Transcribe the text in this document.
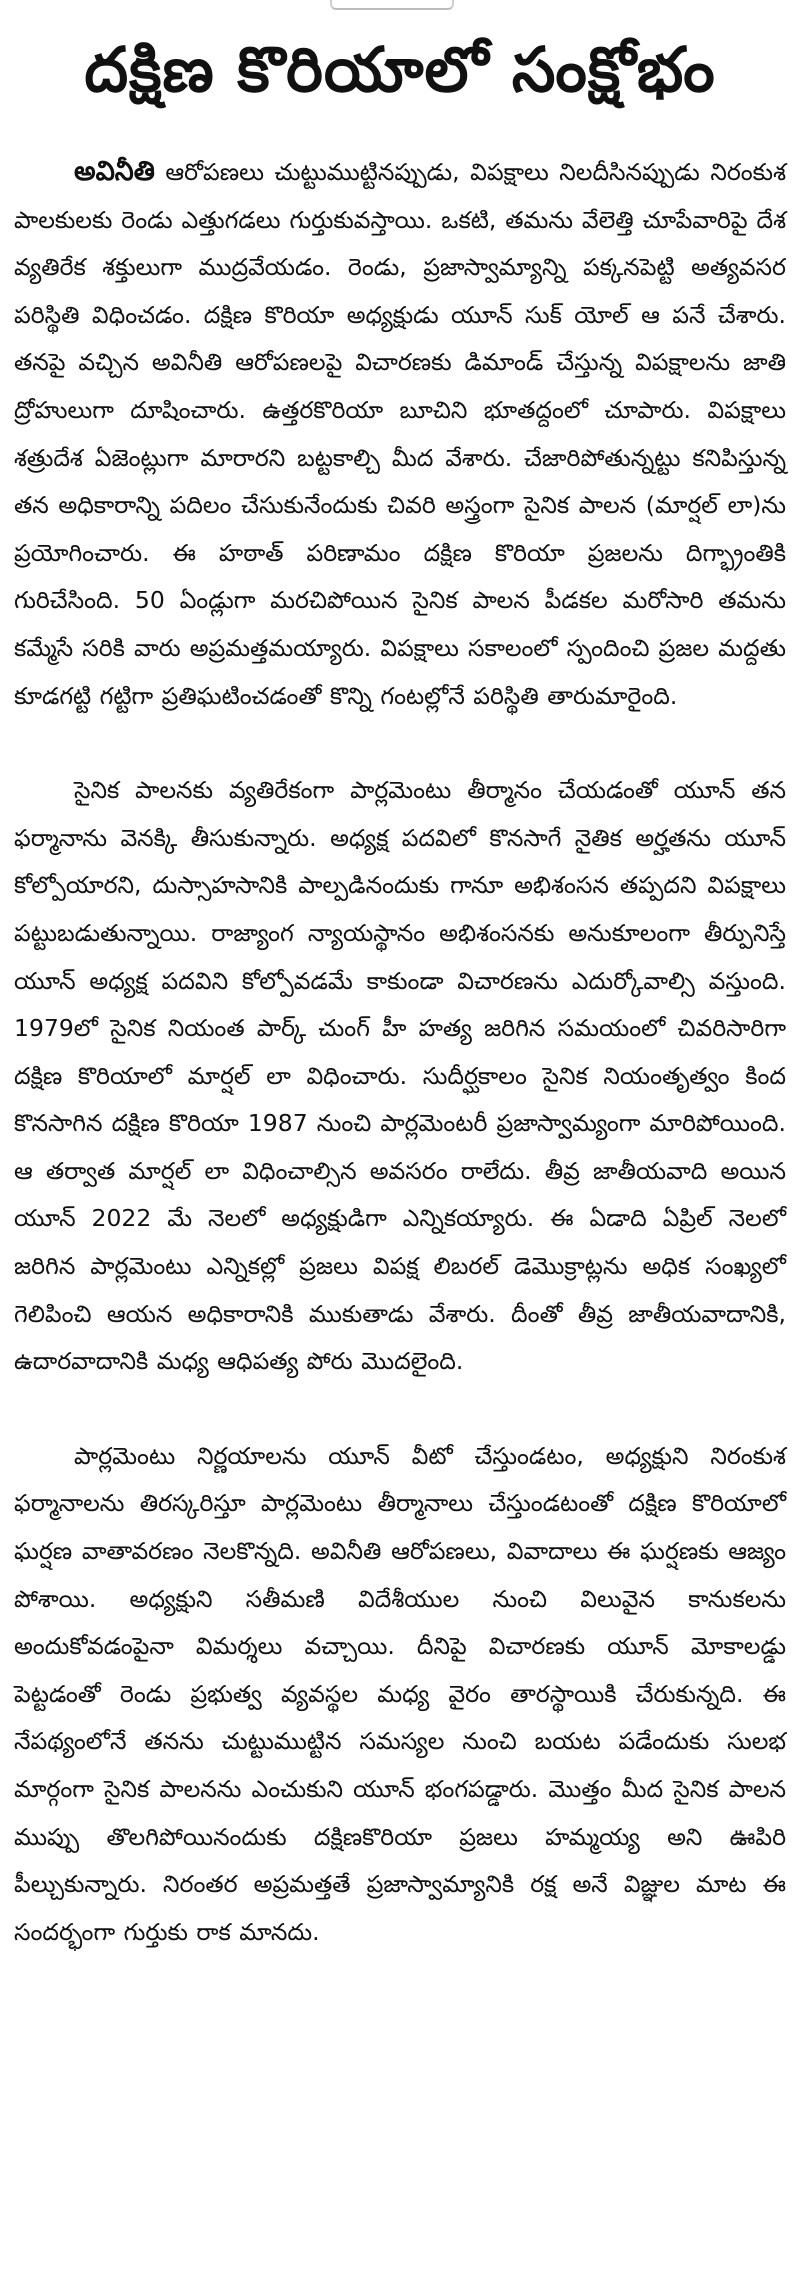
దక్షిణ కొరియాలో సంక్షోభం

అవినీతి ఆరోపణలు చుట్టుముట్టినప్పుడు, విపక్షాలు నిలదీసినప్పుడు నిరంకుశ పాలకులకు రెండు ఎత్తుగడలు గుర్తుకువస్తాయి. ఒకటి, తమను వేలెత్తి చూపేవారిపై దేశ వ్యతిరేక శక్తులుగా ముద్రవేయడం. రెండు, ప్రజాస్వామ్యాన్ని పక్కనపెట్టి అత్యవసర పరిస్థితి విధించడం. దక్షిణ కొరియా అధ్యక్షుడు యూన్ సుక్ యోల్ ఆ పనే చేశారు. తనపై వచ్చిన అవినీతి ఆరోపణలపై విచారణకు డిమాండ్ చేస్తున్న విపక్షాలను జాతి ద్రోహులుగా దూషించారు. ఉత్తరకొరియా బూచిని భూతద్దంలో చూపారు. విపక్షాలు శత్రుదేశ ఏజెంట్లుగా మారారని బట్టకాల్చి మీద వేశారు. చేజారిపోతున్నట్టు కనిపిస్తున్న తన అధికారాన్ని పదిలం చేసుకునేందుకు చివరి అస్త్రంగా సైనిక పాలన (మార్షల్ లా)ను ప్రయోగించారు. ఈ హఠాత్ పరిణామం దక్షిణ కొరియా ప్రజలను దిగ్భ్రాంతికి గురిచేసింది. 50 ఏండ్లుగా మరచిపోయిన సైనిక పాలన పీడకల మరోసారి తమను కమ్మేసే సరికి వారు అప్రమత్తమయ్యారు. విపక్షాలు సకాలంలో స్పందించి ప్రజల మద్దతు కూడగట్టి గట్టిగా ప్రతిఘటించడంతో కొన్ని గంటల్లోనే పరిస్థితి తారుమారైంది.

సైనిక పాలనకు వ్యతిరేకంగా పార్లమెంటు తీర్మానం చేయడంతో యూన్ తన ఫర్మానాను వెనక్కి తీసుకున్నారు. అధ్యక్ష పదవిలో కొనసాగే నైతిక అర్హతను యూన్ కోల్పోయారని, దుస్సాహసానికి పాల్పడినందుకు గానూ అభిశంసన తప్పదని విపక్షాలు పట్టుబడుతున్నాయి. రాజ్యాంగ న్యాయస్థానం అభిశంసనకు అనుకూలంగా తీర్పునిస్తే యూన్ అధ్యక్ష పదవిని కోల్పోవడమే కాకుండా విచారణను ఎదుర్కోవాల్సి వస్తుంది. 1979లో సైనిక నియంత పార్క్ చుంగ్ హీ హత్య జరిగిన సమయంలో చివరిసారిగా దక్షిణ కొరియాలో మార్షల్ లా విధించారు. సుదీర్ఘకాలం సైనిక నియంతృత్వం కింద కొనసాగిన దక్షిణ కొరియా 1987 నుంచి పార్లమెంటరీ ప్రజాస్వామ్యంగా మారిపోయింది. ఆ తర్వాత మార్షల్ లా విధించాల్సిన అవసరం రాలేదు. తీవ్ర జాతీయవాది అయిన యూన్ 2022 మే నెలలో అధ్యక్షుడిగా ఎన్నికయ్యారు. ఈ ఏడాది ఏప్రిల్ నెలలో జరిగిన పార్లమెంటు ఎన్నికల్లో ప్రజలు విపక్ష లిబరల్ డెమొక్రాట్లను అధిక సంఖ్యలో గెలిపించి ఆయన అధికారానికి ముకుతాడు వేశారు. దీంతో తీవ్ర జాతీయవాదానికి, ఉదారవాదానికి మధ్య ఆధిపత్య పోరు మొదలైంది.

పార్లమెంటు నిర్ణయాలను యూన్ వీటో చేస్తుండటం, అధ్యక్షుని నిరంకుశ ఫర్మానాలను తిరస్కరిస్తూ పార్లమెంటు తీర్మానాలు చేస్తుండటంతో దక్షిణ కొరియాలో ఘర్షణ వాతావరణం నెలకొన్నది. అవినీతి ఆరోపణలు, వివాదాలు ఈ ఘర్షణకు ఆజ్యం పోశాయి. అధ్యక్షుని సతీమణి విదేశీయుల నుంచి విలువైన కానుకలను అందుకోవడంపైనా విమర్శలు వచ్చాయి. దీనిపై విచారణకు యూన్ మోకాలడ్డు పెట్టడంతో రెండు ప్రభుత్వ వ్యవస్థల మధ్య వైరం తారస్థాయికి చేరుకున్నది. ఈ నేపథ్యంలోనే తనను చుట్టుముట్టిన సమస్యల నుంచి బయట పడేందుకు సులభ మార్గంగా సైనిక పాలనను ఎంచుకుని యూన్ భంగపడ్డారు. మొత్తం మీద సైనిక పాలన ముప్పు తొలగిపోయినందుకు దక్షిణకొరియా ప్రజలు హమ్మయ్య అని ఊపిరి పీల్చుకున్నారు. నిరంతర అప్రమత్తతే ప్రజాస్వామ్యానికి రక్ష అనే విజ్ఞుల మాట ఈ సందర్భంగా గుర్తుకు రాక మానదు.
